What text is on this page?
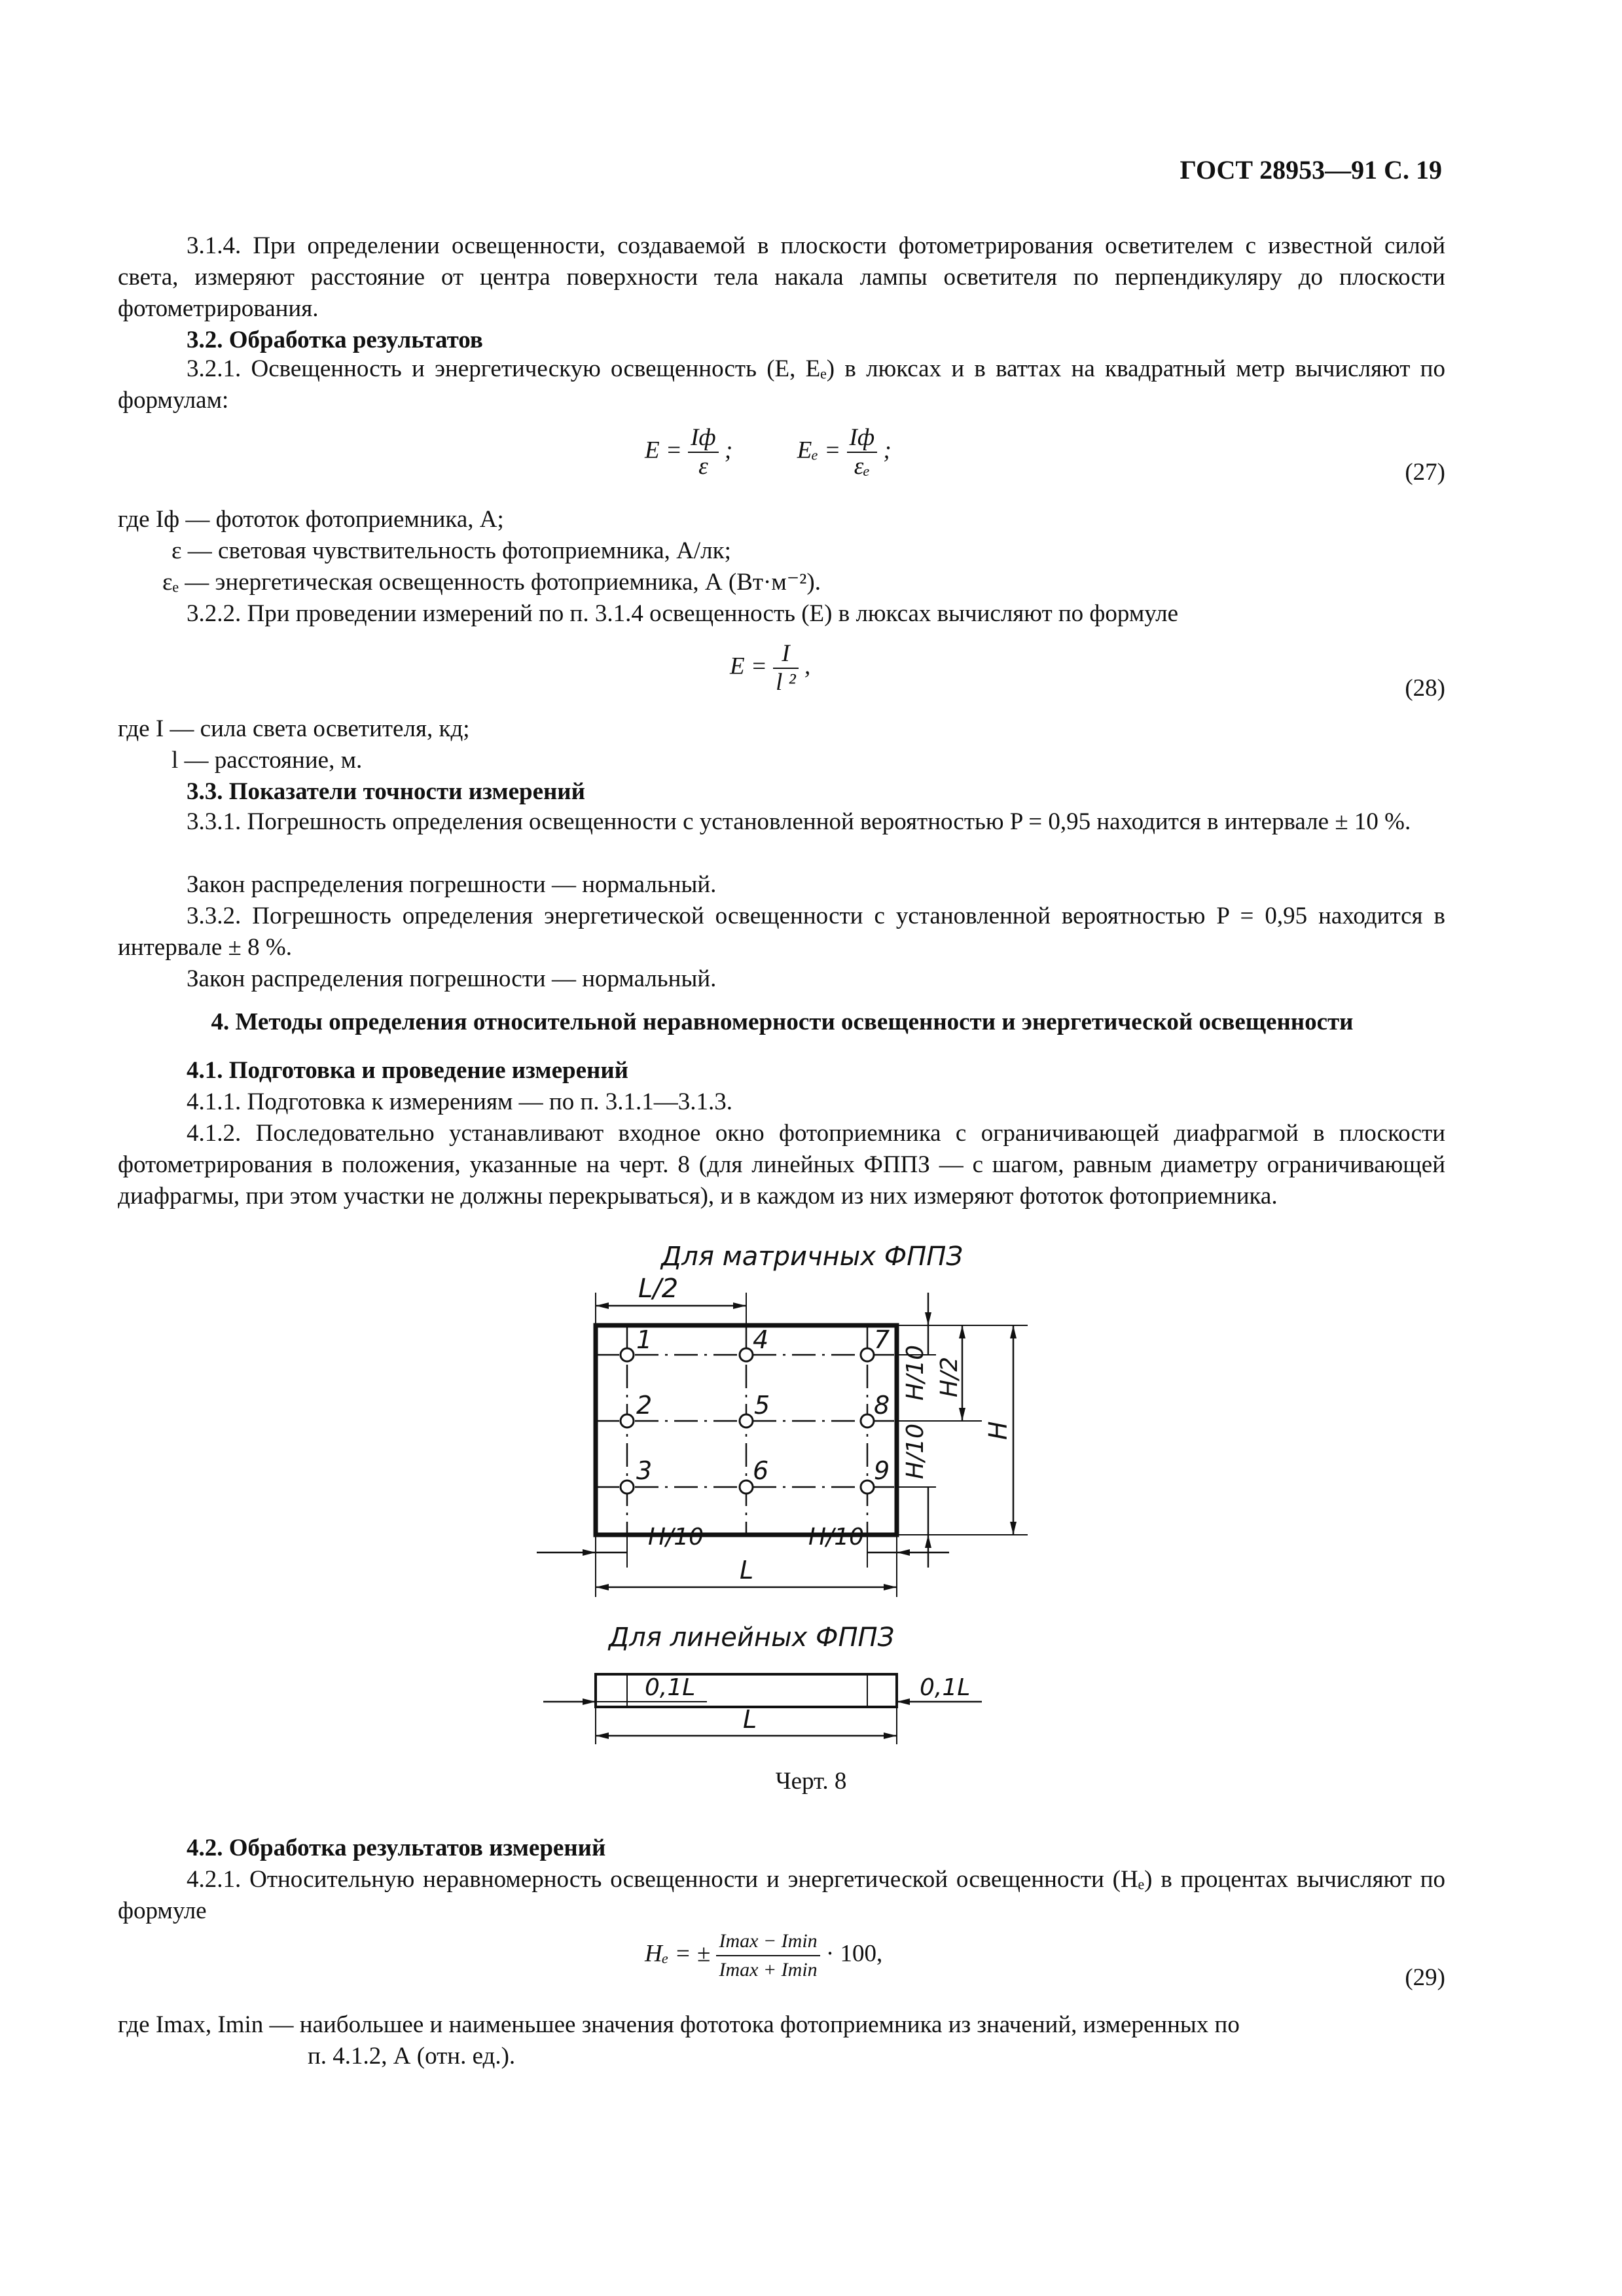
ГОСТ 28953—91 С. 19

3.1.4. При определении освещенности, создаваемой в плоскости фотометрирования осветителем с известной силой света, измеряют расстояние от центра поверхности тела накала лампы осветителя по перпендикуляру до плоскости фотометрирования.

3.2. Обработка результатов

3.2.1. Освещенность и энергетическую освещенность (E, Eₑ) в люксах и в ваттах на квадратный метр вычисляют по формулам:

$E = \frac{Iф}{\varepsilon}$ ;	$E_e = \frac{Iф}{\text{εₑ}}$ ;
(27)
где Iф — фототок фотоприемника, А;
ε — световая чувствительность фотоприемника, А/лк;
εₑ — энергетическая освещенность фотоприемника, А (Вт·м⁻²).

3.2.2. При проведении измерений по п. 3.1.4 освещенность (E) в люксах вычисляют по формуле

$E = \frac{I}{\text{l ²}}$ ,
(28)
где I — сила света осветителя, кд;
l — расстояние, м.
3.3. Показатели точности измерений

3.3.1. Погрешность определения освещенности с установленной вероятностью P = 0,95 находится в интервале ± 10 %.

Закон распределения погрешности — нормальный.

3.3.2. Погрешность определения энергетической освещенности с установленной вероятностью P = 0,95 находится в интервале ± 8 %.

Закон распределения погрешности — нормальный.
4. Методы определения относительной неравномерности освещенности и энергетической освещенности
4.1. Подготовка и проведение измерений
4.1.1. Подготовка к измерениям — по п. 3.1.1—3.1.3.

4.1.2. Последовательно устанавливают входное окно фотоприемника с ограничивающей диафрагмой в плоскости фотометрирования в положения, указанные на черт. 8 (для линейных ФППЗ — с шагом, равным диаметру ограничивающей диафрагмы, при этом участки не должны перекрываться), и в каждом из них измеряют фототок фотоприемника.

Для матричных ФППЗ
L/2
1
2
3
4
5
6
7
8
9
H/10
H/10
H/2
H
H/10	H/10
L
Для линейных ФППЗ
0,1L	0,1L
L
Черт. 8
4.2. Обработка результатов измерений

4.2.1. Относительную неравномерность освещенности и энергетической освещенности (Hₑ) в процентах вычисляют по формуле

Hₑ = ± $\frac{Imax - Imin}{Imax + Imin} \cdot 100$,
(29)
где Imax, Imin — наибольшее и наименьшее значения фототока фотоприемника из значений, измеренных по
п. 4.1.2, А (отн. ед.).
